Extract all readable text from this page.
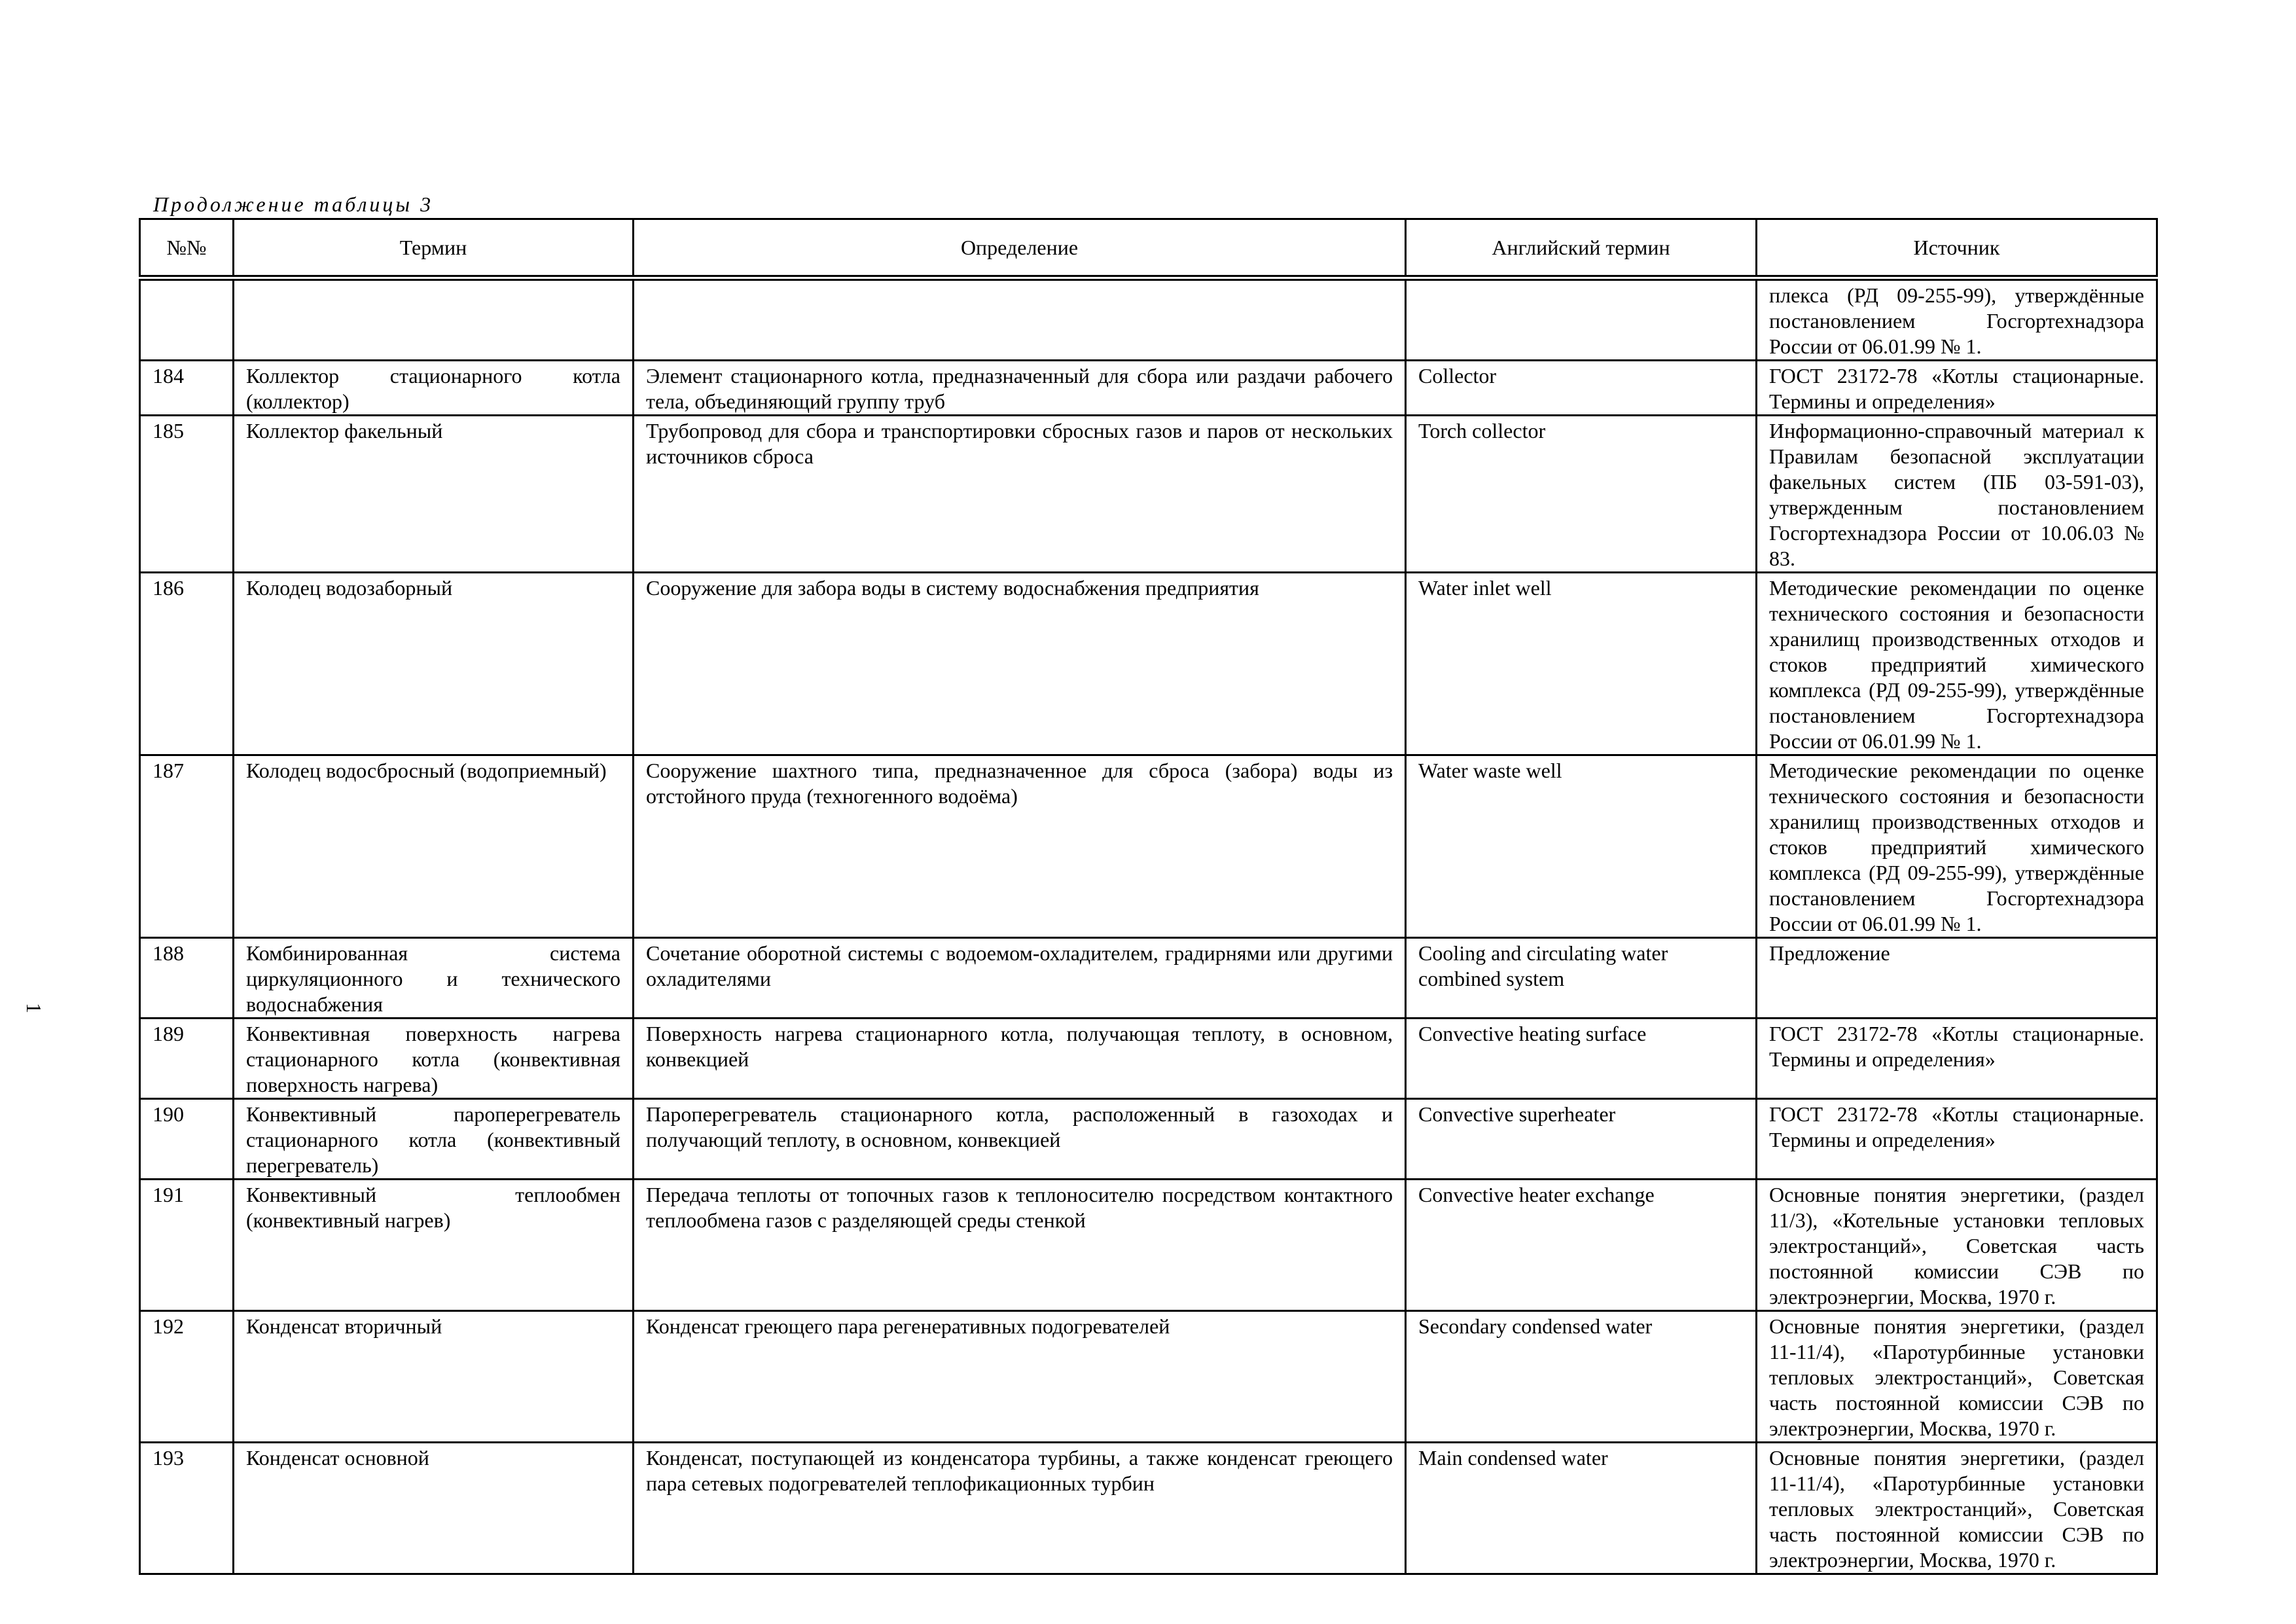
Продолжение таблицы 3
1
№№	Термин	Определение	Английский термин	Источник
				плекса (РД 09-255-99), утверждённые постановлением Госгортехнадзора России от 06.01.99 № 1.
184	Коллектор стационарного котла (коллектор)	Элемент стационарного котла, предназначенный для сбора или раздачи рабочего тела, объединяющий группу труб	Collector	ГОСТ 23172-78 «Котлы стационарные. Термины и определения»
185	Коллектор факельный	Трубопровод для сбора и транспортировки сбросных газов и паров от нескольких источников сброса	Torch collector	Информационно-справочный материал к Правилам безопасной эксплуатации факельных систем (ПБ 03-591-03), утвержденным постановлением Госгортехнадзора России от 10.06.03 № 83.
186	Колодец водозаборный	Сооружение для забора воды в систему водоснабжения предприятия	Water inlet well	Методические рекомендации по оценке технического состояния и безопасности хранилищ производственных отходов и стоков предприятий химического комплекса (РД 09-255-99), утверждённые постановлением Госгортехнадзора России от 06.01.99 № 1.
187	Колодец водосбросный (водоприемный)	Сооружение шахтного типа, предназначенное для сброса (забора) воды из отстойного пруда (техногенного водоёма)	Water waste well	Методические рекомендации по оценке технического состояния и безопасности хранилищ производственных отходов и стоков предприятий химического комплекса (РД 09-255-99), утверждённые постановлением Госгортехнадзора России от 06.01.99 № 1.
188	Комбинированная система циркуляционного и технического водоснабжения	Сочетание оборотной системы с водоемом-охладителем, градирнями или другими охладителями	Cooling and circulating water combined system	Предложение
189	Конвективная поверхность нагрева стационарного котла (конвективная поверхность нагрева)	Поверхность нагрева стационарного котла, получающая теплоту, в основном, конвекцией	Convective heating surface	ГОСТ 23172-78 «Котлы стационарные. Термины и определения»
190	Конвективный пароперегреватель стационарного котла (конвективный перегреватель)	Пароперегреватель стационарного котла, расположенный в газоходах и получающий теплоту, в основном, конвекцией	Convective superheater	ГОСТ 23172-78 «Котлы стационарные. Термины и определения»
191	Конвективный теплообмен (конвективный нагрев)	Передача теплоты от топочных газов к теплоносителю посредством контактного теплообмена газов с разделяющей среды стенкой	Convective heater exchange	Основные понятия энергетики, (раздел 11/3), «Котельные установки тепловых электростанций», Советская часть постоянной комиссии СЭВ по электроэнергии, Москва, 1970 г.
192	Конденсат вторичный	Конденсат греющего пара регенеративных подогревателей	Secondary condensed water	Основные понятия энергетики, (раздел 11-11/4), «Паротурбинные установки тепловых электростанций», Советская часть постоянной комиссии СЭВ по электроэнергии, Москва, 1970 г.
193	Конденсат основной	Конденсат, поступающей из конденсатора турбины, а также конденсат греющего пара сетевых подогревателей теплофикационных турбин	Main condensed water	Основные понятия энергетики, (раздел 11-11/4), «Паротурбинные установки тепловых электростанций», Советская часть постоянной комиссии СЭВ по электроэнергии, Москва, 1970 г.
